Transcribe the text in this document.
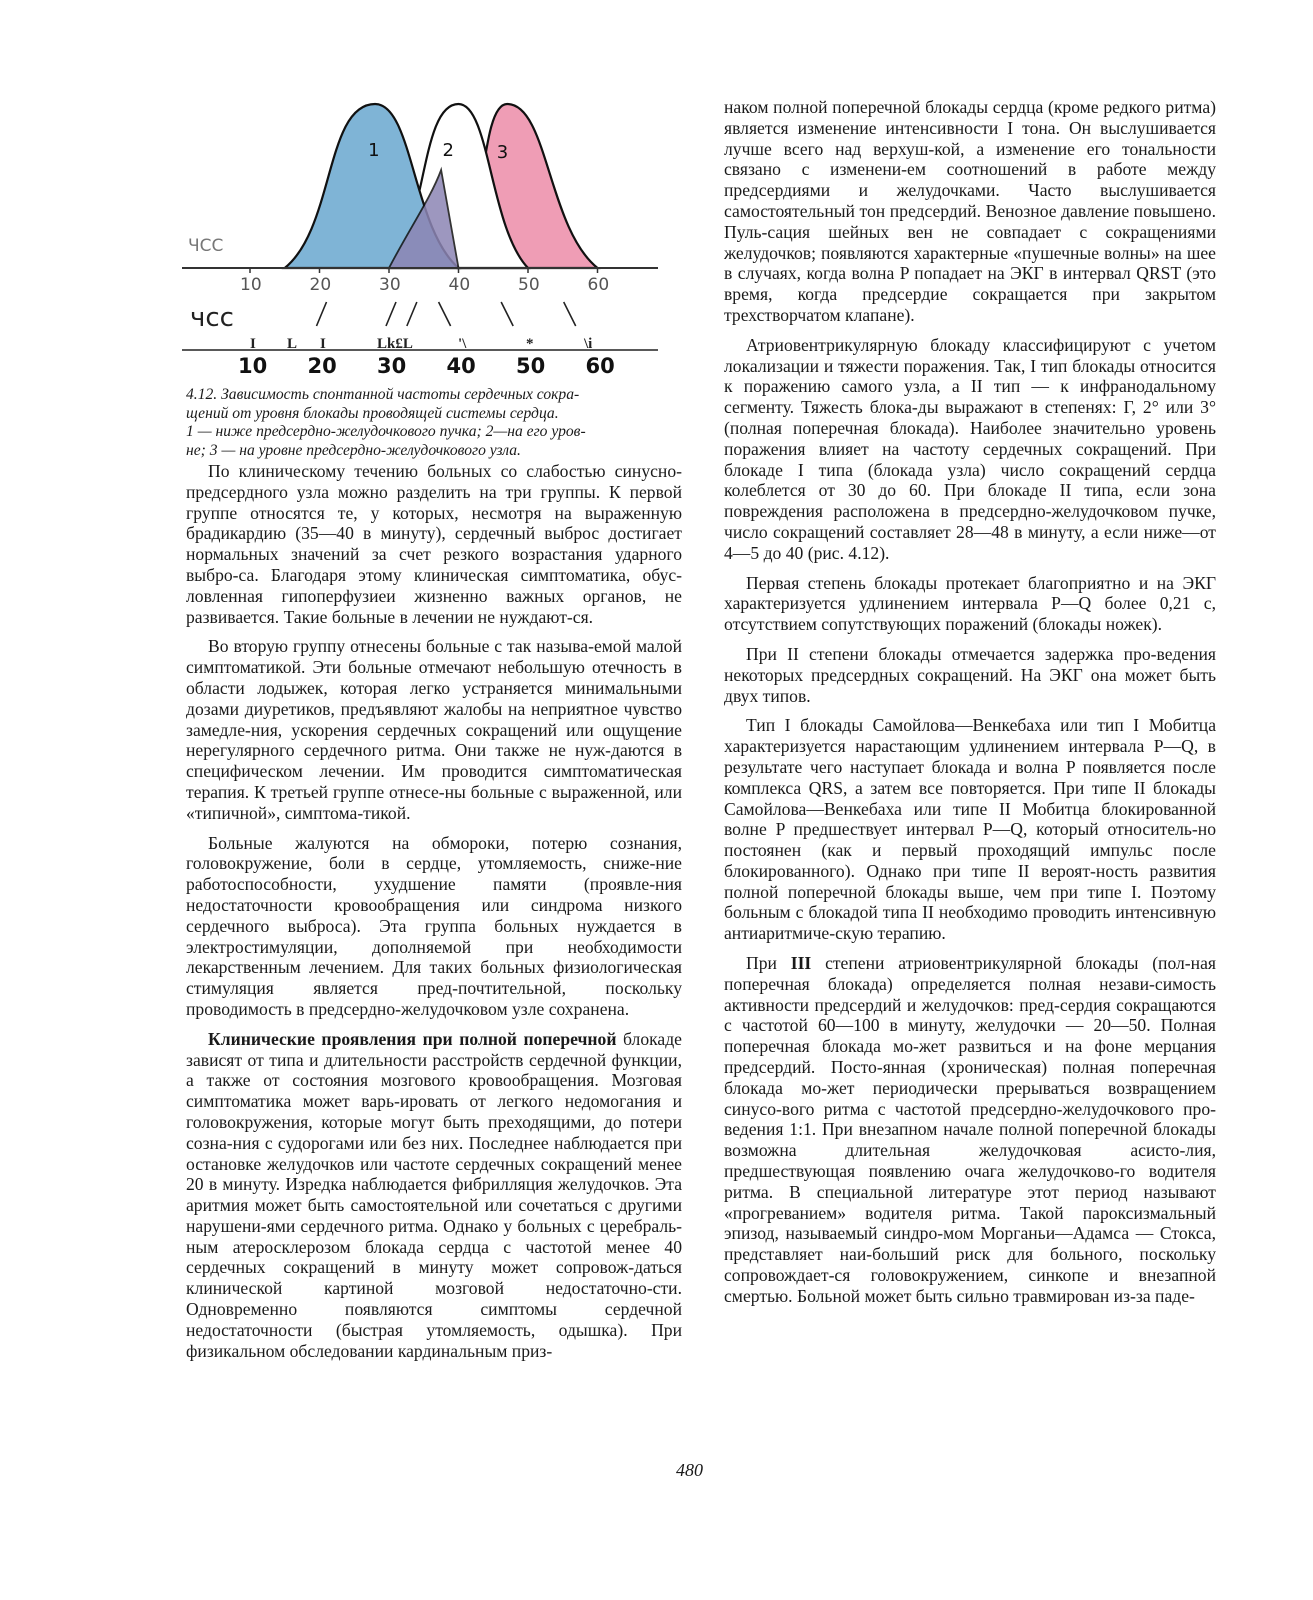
1	2 3
ЧСС
10	20	30	40	50	60
чсс
I L I	Lk£L	'\	*	\i
10 20 30 40 50 60

4.12. Зависимость спонтанной частоты сердечных сокра-

щений от уровня блокады проводящей системы сердца.

1 — ниже предсердно-желудочкового пучка; 2—на его уров-

не; 3 — на уровне предсердно-желудочкового узла.

По клиническому течению больных со слабостью синусно-предсердного узла можно разделить на три группы. К первой группе относятся те, у которых, несмотря на выраженную брадикардию (35—40 в минуту), сердечный выброс достигает нормальных значений за счет резкого возрастания ударного выбро-са. Благодаря этому клиническая симптоматика, обус-ловленная гипоперфузиеи жизненно важных органов, не развивается. Такие больные в лечении не нуждают-ся.

Во вторую группу отнесены больные с так называ-емой малой симптоматикой. Эти больные отмечают небольшую отечность в области лодыжек, которая легко устраняется минимальными дозами диуретиков, предъявляют жалобы на неприятное чувство замедле-ния, ускорения сердечных сокращений или ощущение нерегулярного сердечного ритма. Они также не нуж-даются в специфическом лечении. Им проводится симптоматическая терапия. К третьей группе отнесе-ны больные с выраженной, или «типичной», симптома-тикой.

Больные жалуются на обмороки, потерю сознания, головокружение, боли в сердце, утомляемость, сниже-ние работоспособности, ухудшение памяти (проявле-ния недостаточности кровообращения или синдрома низкого сердечного выброса). Эта группа больных нуждается в электростимуляции, дополняемой при необходимости лекарственным лечением. Для таких больных физиологическая стимуляция является пред-почтительной, поскольку проводимость в предсердно-желудочковом узле сохранена.

Клинические проявления при полной поперечной блокаде зависят от типа и длительности расстройств сердечной функции, а также от состояния мозгового кровообращения. Мозговая симптоматика может варь-ировать от легкого недомогания и головокружения, которые могут быть преходящими, до потери созна-ния с судорогами или без них. Последнее наблюдается при остановке желудочков или частоте сердечных сокращений менее 20 в минуту. Изредка наблюдается фибрилляция желудочков. Эта аритмия может быть самостоятельной или сочетаться с другими нарушени-ями сердечного ритма. Однако у больных с церебраль-ным атеросклерозом блокада сердца с частотой менее 40 сердечных сокращений в минуту может сопровож-даться клинической картиной мозговой недостаточно-сти. Одновременно появляются симптомы сердечной недостаточности (быстрая утомляемость, одышка). При физикальном обследовании кардинальным приз-

наком полной поперечной блокады сердца (кроме редкого ритма) является изменение интенсивности I тона. Он выслушивается лучше всего над верхуш-кой, а изменение его тональности связано с изменени-ем соотношений в работе между предсердиями и желудочками. Часто выслушивается самостоятельный тон предсердий. Венозное давление повышено. Пуль-сация шейных вен не совпадает с сокращениями желудочков; появляются характерные «пушечные волны» на шее в случаях, когда волна P попадает на ЭКГ в интервал QRST (это время, когда предсердие сокращается при закрытом трехстворчатом клапане).

Атриовентрикулярную блокаду классифицируют с учетом локализации и тяжести поражения. Так, I тип блокады относится к поражению самого узла, а II тип — к инфранодальному сегменту. Тяжесть блока-ды выражают в степенях: Г, 2° или 3° (полная поперечная блокада). Наиболее значительно уровень поражения влияет на частоту сердечных сокращений. При блокаде I типа (блокада узла) число сокращений сердца колеблется от 30 до 60. При блокаде II типа, если зона повреждения расположена в предсердно-желудочковом пучке, число сокращений составляет 28—48 в минуту, а если ниже—от 4—5 до 40 (рис. 4.12).

Первая степень блокады протекает благоприятно и на ЭКГ характеризуется удлинением интервала P—Q более 0,21 с, отсутствием сопутствующих поражений (блокады ножек).

При II степени блокады отмечается задержка про-ведения некоторых предсердных сокращений. На ЭКГ она может быть двух типов.

Тип I блокады Самойлова—Венкебаха или тип I Мобитца характеризуется нарастающим удлинением интервала P—Q, в результате чего наступает блокада и волна P появляется после комплекса QRS, а затем все повторяется. При типе II блокады Самойлова—Венкебаха или типе II Мобитца блокированной волне P предшествует интервал P—Q, который относитель-но постоянен (как и первый проходящий импульс после блокированного). Однако при типе II вероят-ность развития полной поперечной блокады выше, чем при типе I. Поэтому больным с блокадой типа II необходимо проводить интенсивную антиаритмиче-скую терапию.

При III степени атриовентрикулярной блокады (пол-ная поперечная блокада) определяется полная незави-симость активности предсердий и желудочков: пред-сердия сокращаются с частотой 60—100 в минуту, желудочки — 20—50. Полная поперечная блокада мо-жет развиться и на фоне мерцания предсердий. Посто-янная (хроническая) полная поперечная блокада мо-жет периодически прерываться возвращением синусо-вого ритма с частотой предсердно-желудочкового про-ведения 1:1. При внезапном начале полной поперечной блокады возможна длительная желудочковая асисто-лия, предшествующая появлению очага желудочково-го водителя ритма. В специальной литературе этот период называют «прогреванием» водителя ритма. Такой пароксизмальный эпизод, называемый синдро-мом Морганьи—Адамса — Стокса, представляет наи-больший риск для больного, поскольку сопровождает-ся головокружением, синкопе и внезапной смертью. Больной может быть сильно травмирован из-за паде-

480
